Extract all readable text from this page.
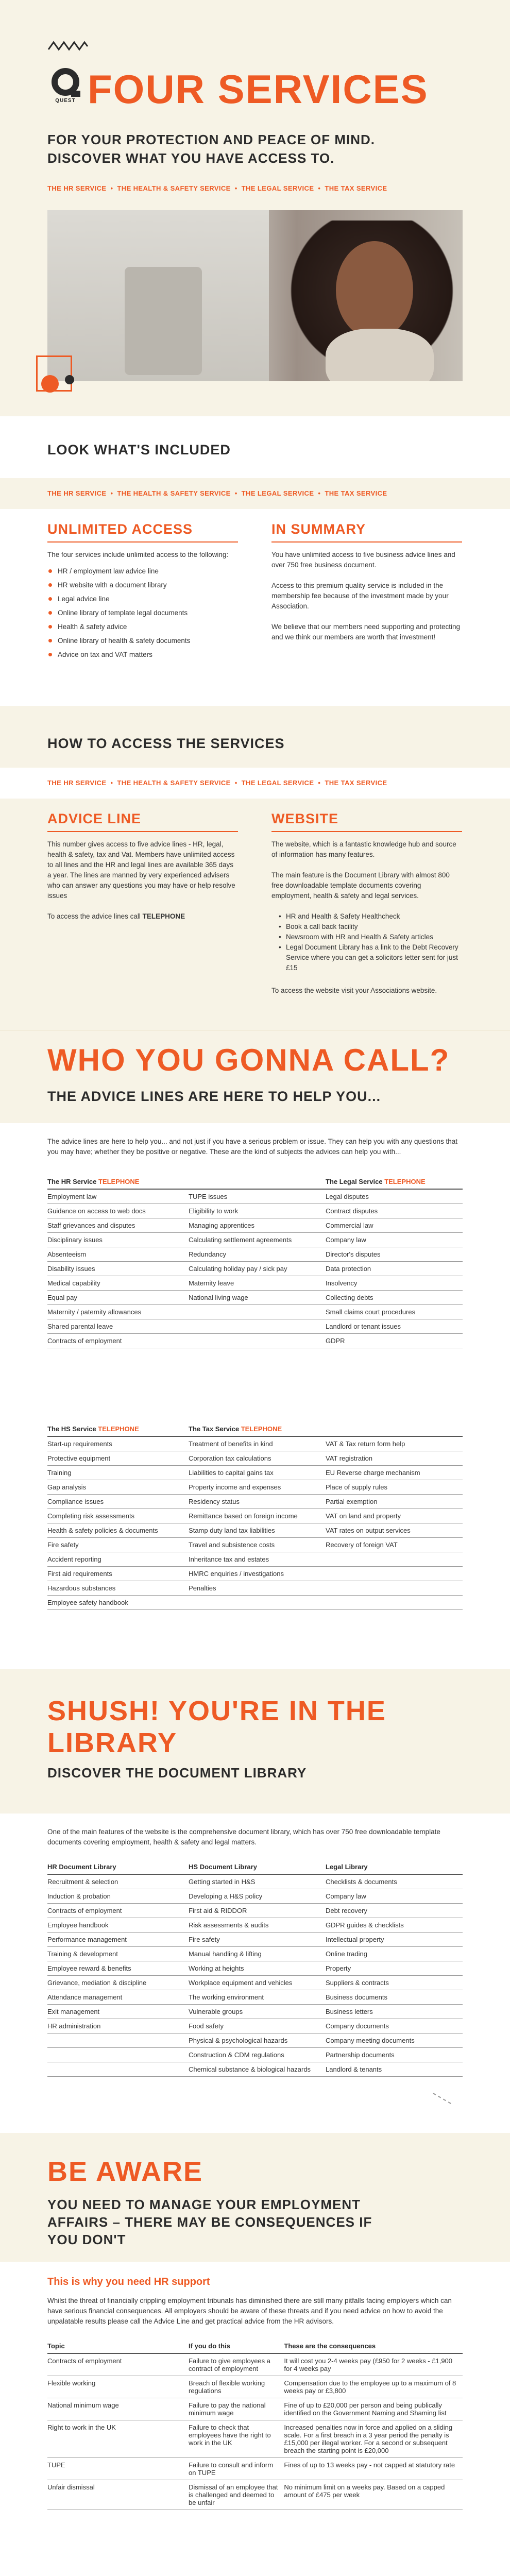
QUEST FOUR SERVICES
FOR YOUR PROTECTION AND PEACE OF MIND.
DISCOVER WHAT YOU HAVE ACCESS TO.
THE HR SERVICE  •  THE HEALTH & SAFETY SERVICE  •  THE LEGAL SERVICE  •  THE TAX SERVICE
LOOK WHAT'S INCLUDED
THE HR SERVICE  •  THE HEALTH & SAFETY SERVICE  •  THE LEGAL SERVICE  •  THE TAX SERVICE
UNLIMITED ACCESS
The four services include unlimited access to the following:
HR / employment law advice line
HR website with a document library
Legal advice line
Online library of template legal documents
Health & safety advice
Online library of health & safety documents
Advice on tax and VAT matters
IN SUMMARY
You have unlimited access to five business advice lines and over 750 free business document.
Access to this premium quality service is included in the membership fee because of the investment made by your Association.
We believe that our members need supporting and protecting and we think our members are worth that investment!
HOW TO ACCESS THE SERVICES
THE HR SERVICE  •  THE HEALTH & SAFETY SERVICE  •  THE LEGAL SERVICE  •  THE TAX SERVICE
ADVICE LINE
This number gives access to five advice lines - HR, legal, health & safety, tax and Vat. Members have unlimited access to all lines and the HR and legal lines are available 365 days a year. The lines are manned by very experienced advisers who can answer any questions you may have or help resolve issues
To access the advice lines call TELEPHONE
WEBSITE
The website, which is a fantastic knowledge hub and source of information has many features.
The main feature is the Document Library with almost 800 free downloadable template documents covering employment, health & safety and legal services.
• HR and Health & Safety Healthcheck
• Book a call back facility
• Newsroom with HR and Health & Safety articles
• Legal Document Library has a link to the Debt Recovery Service where you can get a solicitors letter sent for just £15
To access the website visit your Associations website.
WHO YOU GONNA CALL?
THE ADVICE LINES ARE HERE TO HELP YOU...
The advice lines are here to help you... and not just if you have a serious problem or issue. They can help you with any questions that you may have; whether they be positive or negative. These are the kind of subjects the advices can help you with...
The HR Service TELEPHONE		The Legal Service TELEPHONE
Employment law	TUPE issues	Legal disputes
Guidance on access to web docs	Eligibility to work	Contract disputes
Staff grievances and disputes	Managing apprentices	Commercial law
Disciplinary issues	Calculating settlement agreements	Company law
Absenteeism	Redundancy	Director's disputes
Disability issues	Calculating holiday pay / sick pay	Data protection
Medical capability	Maternity leave	Insolvency
Equal pay	National living wage	Collecting debts
Maternity / paternity allowances		Small claims court procedures
Shared parental leave		Landlord or tenant issues
Contracts of employment		GDPR
The HS Service TELEPHONE	The Tax Service TELEPHONE	
Start-up requirements	Treatment of benefits in kind	VAT & Tax return form help
Protective equipment	Corporation tax calculations	VAT registration
Training	Liabilities to capital gains tax	EU Reverse charge mechanism
Gap analysis	Property income and expenses	Place of supply rules
Compliance issues	Residency status	Partial exemption
Completing risk assessments	Remittance based on foreign income	VAT on land and property
Health & safety policies & documents	Stamp duty land tax liabilities	VAT rates on output services
Fire safety	Travel and subsistence costs	Recovery of foreign VAT
Accident reporting	Inheritance tax and estates	
First aid requirements	HMRC enquiries / investigations	
Hazardous substances	Penalties	
Employee safety handbook		
SHUSH! YOU'RE IN THE
LIBRARY
DISCOVER THE DOCUMENT LIBRARY
One of the main features of the website is the comprehensive document library, which has over 750 free downloadable template documents covering employment, health & safety and legal matters.
HR Document Library	HS Document Library	Legal Library
Recruitment & selection	Getting started in H&S	Checklists & documents
Induction & probation	Developing a H&S policy	Company law
Contracts of employment	First aid & RIDDOR	Debt recovery
Employee handbook	Risk assessments & audits	GDPR guides & checklists
Performance management	Fire safety	Intellectual property
Training & development	Manual handling & lifting	Online trading
Employee reward & benefits	Working at heights	Property
Grievance, mediation & discipline	Workplace equipment and vehicles	Suppliers & contracts
Attendance management	The working environment	Business documents
Exit management	Vulnerable groups	Business letters
HR administration	Food safety	Company documents
	Physical & psychological hazards	Company meeting documents
	Construction & CDM regulations	Partnership documents
	Chemical substance & biological hazards	Landlord & tenants
BE AWARE
YOU NEED TO MANAGE YOUR EMPLOYMENT
AFFAIRS – THERE MAY BE CONSEQUENCES IF
YOU DON'T
This is why you need HR support
Whilst the threat of financially crippling employment tribunals has diminished there are still many pitfalls facing employers which can have serious financial consequences. All employers should be aware of these threats and if you need advice on how to avoid the unpalatable results please call the Advice Line and get practical advice from the HR advisors.
Topic	If you do this	These are the consequences
Contracts of employment	Failure to give employees a contract of employment	It will cost you 2-4 weeks pay (£950 for 2 weeks - £1,900 for 4 weeks pay
Flexible working	Breach of flexible working regulations	Compensation due to the employee up to a maximum of 8 weeks pay or £3,800
National minimum wage	Failure to pay the national minimum wage	Fine of up to £20,000 per person and being publically identified on the Government Naming and Shaming list
Right to work in the UK	Failure to check that employees have the right to work in the UK	Increased penalties now in force and applied on a sliding scale. For a first breach in a 3 year period the penalty is £15,000 per illegal worker. For a second or subsequent breach the starting point is £20,000
TUPE	Failure to consult and inform on TUPE	Fines of up to 13 weeks pay - not capped at statutory rate
Unfair dismissal	Dismissal of an employee that is challenged and deemed to be unfair	No minimum limit on a weeks pay. Based on a capped amount of £475 per week
